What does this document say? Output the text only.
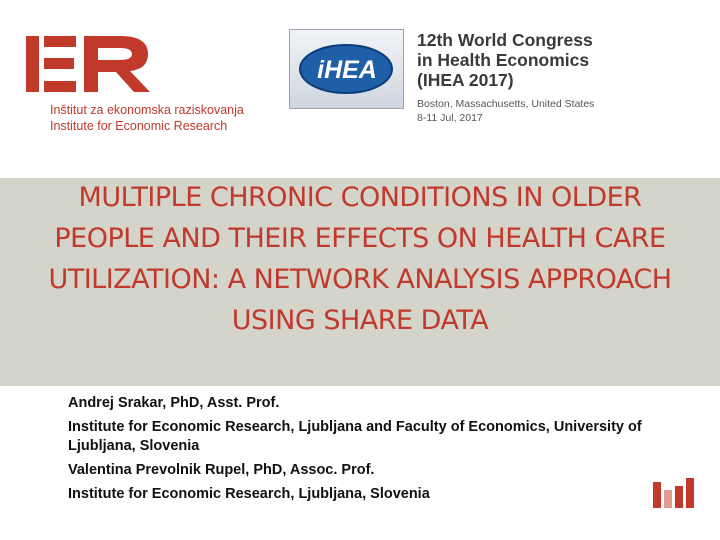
Inštitut za ekonomska raziskovanja
Institute for Economic Research
iHEA
12th World Congress
in Health Economics
(IHEA 2017)
Boston, Massachusetts, United States
8-11 Jul, 2017
MULTIPLE CHRONIC CONDITIONS IN OLDER
PEOPLE AND THEIR EFFECTS ON HEALTH CARE
UTILIZATION: A NETWORK ANALYSIS APPROACH
USING SHARE DATA

Andrej Srakar, PhD, Asst. Prof.

Institute for Economic Research, Ljubljana and Faculty of Economics, University of Ljubljana, Slovenia

Valentina Prevolnik Rupel, PhD, Assoc. Prof.

Institute for Economic Research, Ljubljana, Slovenia
